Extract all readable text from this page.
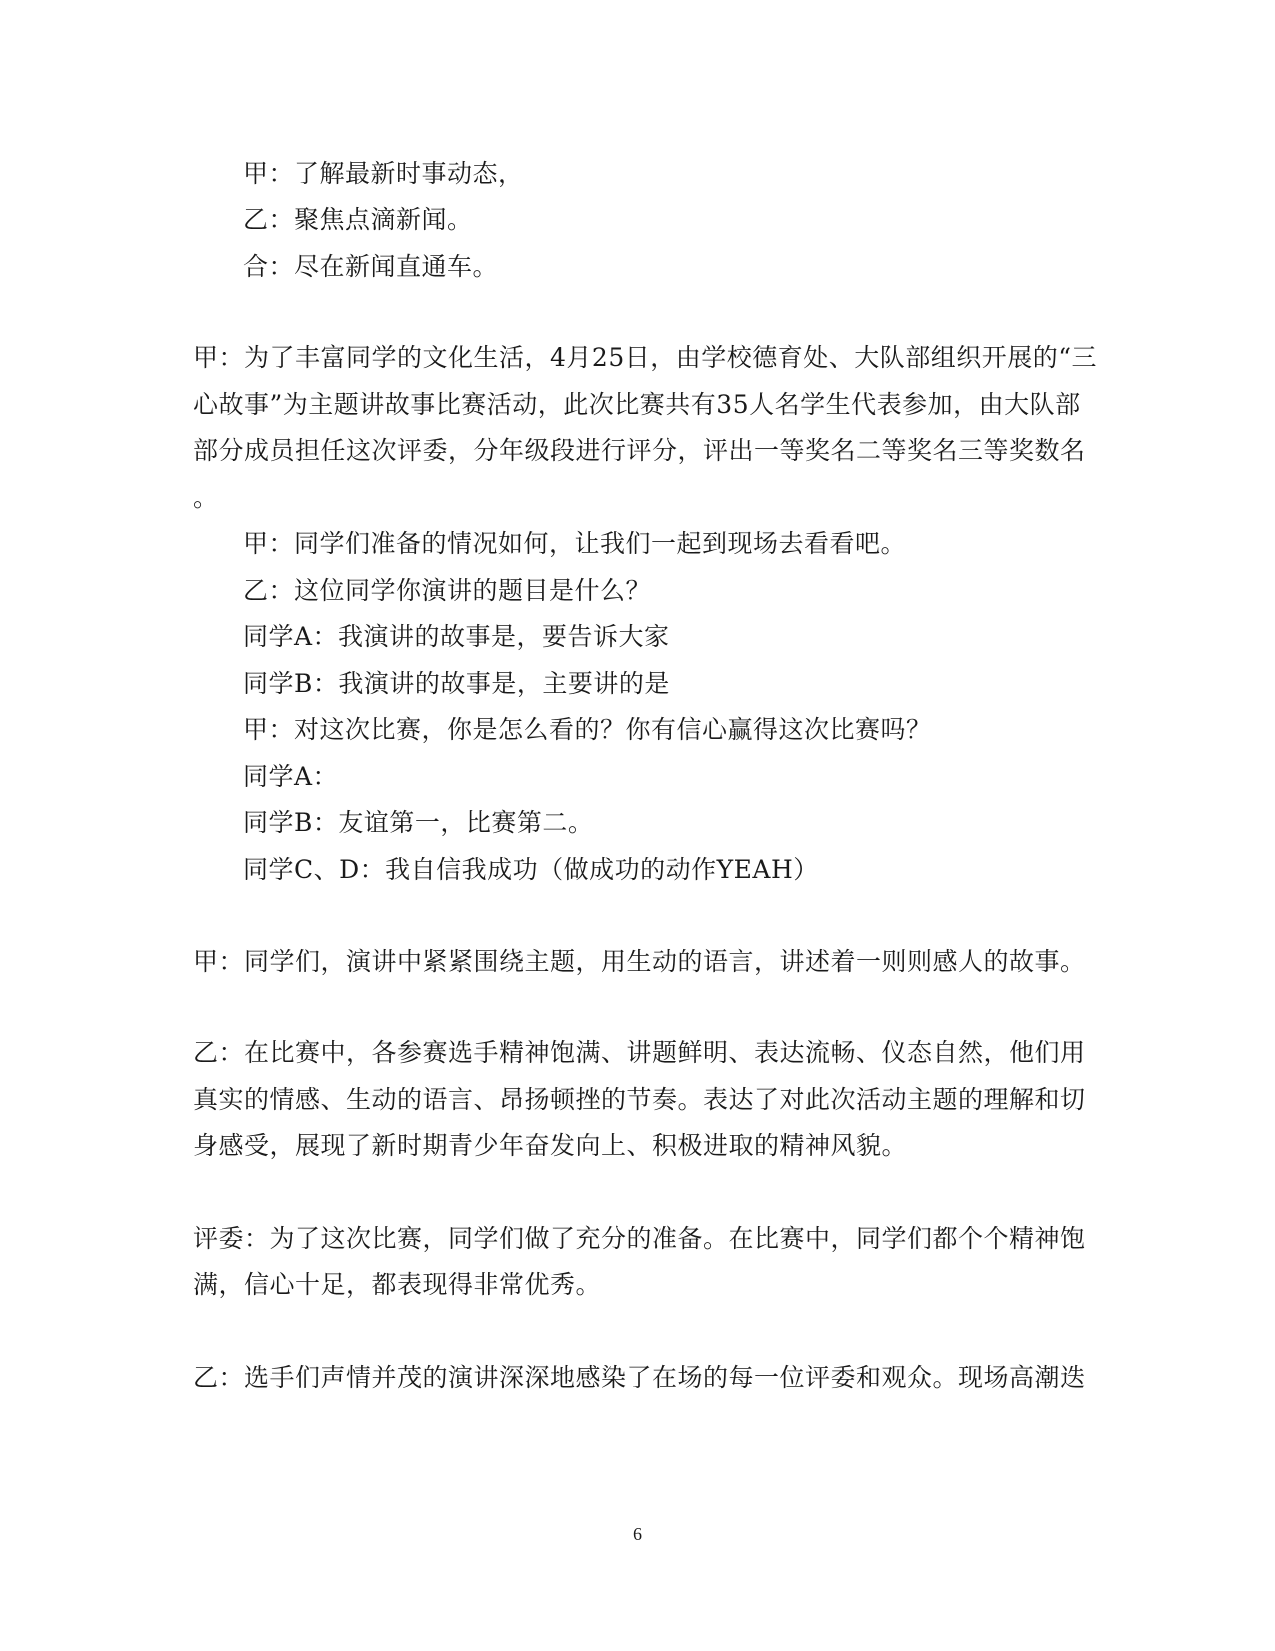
甲：了解最新时事动态，
乙：聚焦点滴新闻。
合：尽在新闻直通车。
甲：为了丰富同学的文化生活，4月25日，由学校德育处、大队部组织开展的“三
心故事”为主题讲故事比赛活动，此次比赛共有35人名学生代表参加，由大队部
部分成员担任这次评委，分年级段进行评分，评出一等奖名二等奖名三等奖数名
。
甲：同学们准备的情况如何，让我们一起到现场去看看吧。
乙：这位同学你演讲的题目是什么？
同学A：我演讲的故事是，要告诉大家
同学B：我演讲的故事是，主要讲的是
甲：对这次比赛，你是怎么看的？你有信心赢得这次比赛吗？
同学A：
同学B：友谊第一，比赛第二。
同学C、D：我自信我成功（做成功的动作YEAH）
甲：同学们，演讲中紧紧围绕主题，用生动的语言，讲述着一则则感人的故事。
乙：在比赛中，各参赛选手精神饱满、讲题鲜明、表达流畅、仪态自然，他们用
真实的情感、生动的语言、昂扬顿挫的节奏。表达了对此次活动主题的理解和切
身感受，展现了新时期青少年奋发向上、积极进取的精神风貌。
评委：为了这次比赛，同学们做了充分的准备。在比赛中，同学们都个个精神饱
满，信心十足，都表现得非常优秀。
乙：选手们声情并茂的演讲深深地感染了在场的每一位评委和观众。现场高潮迭
6
